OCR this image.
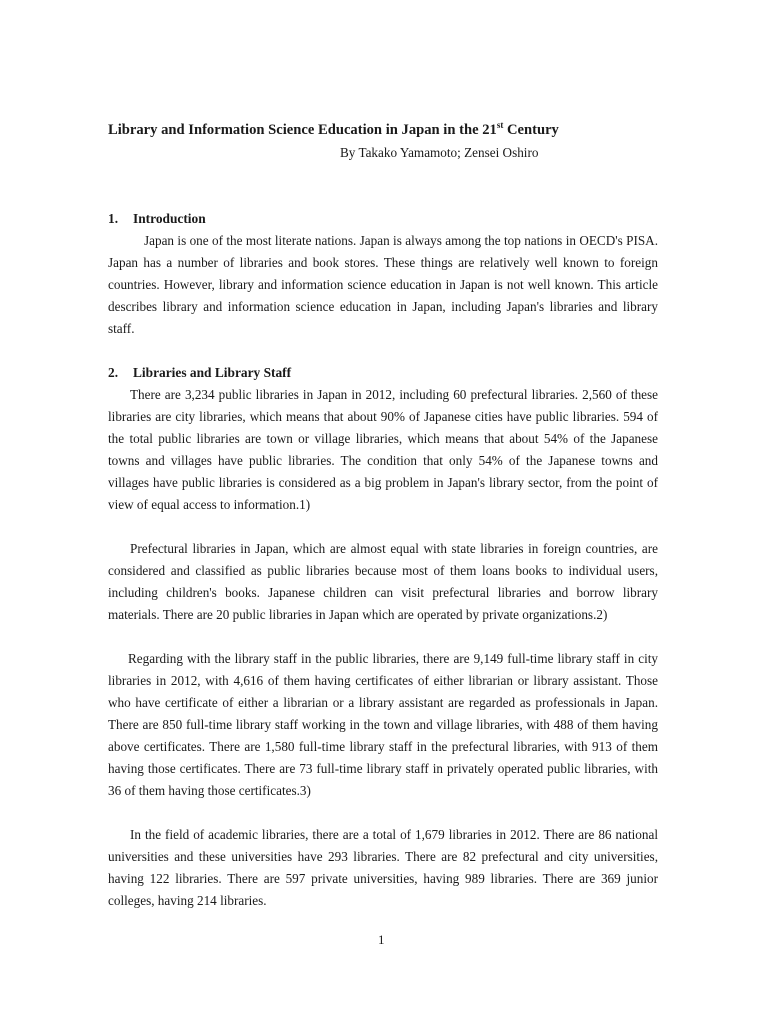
Library and Information Science Education in Japan in the 21st Century
By Takako Yamamoto; Zensei Oshiro
1. Introduction

Japan is one of the most literate nations. Japan is always among the top nations in OECD's PISA. Japan has a number of libraries and book stores. These things are relatively well known to foreign countries. However, library and information science education in Japan is not well known. This article describes library and information science education in Japan, including Japan's libraries and library staff.

2. Libraries and Library Staff

There are 3,234 public libraries in Japan in 2012, including 60 prefectural libraries. 2,560 of these libraries are city libraries, which means that about 90% of Japanese cities have public libraries. 594 of the total public libraries are town or village libraries, which means that about 54% of the Japanese towns and villages have public libraries. The condition that only 54% of the Japanese towns and villages have public libraries is considered as a big problem in Japan's library sector, from the point of view of equal access to information.1)

Prefectural libraries in Japan, which are almost equal with state libraries in foreign countries, are considered and classified as public libraries because most of them loans books to individual users, including children's books. Japanese children can visit prefectural libraries and borrow library materials. There are 20 public libraries in Japan which are operated by private organizations.2)

Regarding with the library staff in the public libraries, there are 9,149 full-time library staff in city libraries in 2012, with 4,616 of them having certificates of either librarian or library assistant. Those who have certificate of either a librarian or a library assistant are regarded as professionals in Japan. There are 850 full-time library staff working in the town and village libraries, with 488 of them having above certificates. There are 1,580 full-time library staff in the prefectural libraries, with 913 of them having those certificates. There are 73 full-time library staff in privately operated public libraries, with 36 of them having those certificates.3)

In the field of academic libraries, there are a total of 1,679 libraries in 2012. There are 86 national universities and these universities have 293 libraries. There are 82 prefectural and city universities, having 122 libraries. There are 597 private universities, having 989 libraries. There are 369 junior colleges, having 214 libraries.

1
